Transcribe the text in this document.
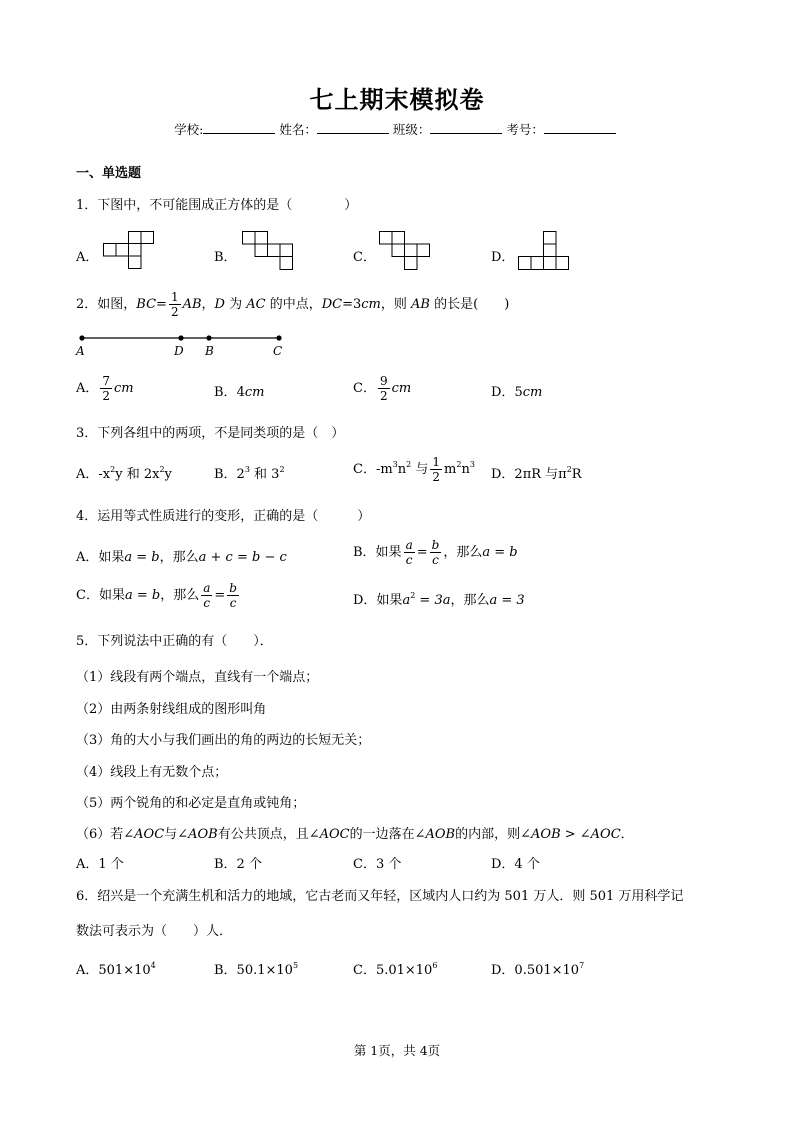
七上期末模拟卷
学校:	姓名：	班级：	考号：
一、单选题
1．下图中，不可能围成正方体的是（　　　　）
A．	B．	C．	D．
2．如图，$BC= \frac{1}{2}$ AB，D 为 AC 的中点，DC=3cm，则 AB 的长是(　　)
A	D B	C
A． $\frac{7}{2}$ cm	B．4cm	C． $\frac{9}{2}$ cm	D．5cm
3．下列各组中的两项，不是同类项的是（　）
A．$-x^2y$ 和 $2x^2y$	B．$2^3$ 和 $3^2$	C．$-m^3n^2$ 与 $\frac{1}{2} m^2n^3$
D．2πR 与$\pi^2R$
4．运用等式性质进行的变形，正确的是（　　　）
A．如果a = b，那么a + c = b − c	B．如果 $\frac{a}{c} = \frac{b}{c}$ ，那么a = b
C．如果a = b，那么 $\frac{a}{c} = \frac{b}{c}$	D．如果$a^2 = 3a$，那么a = 3
5．下列说法中正确的有（　　）．
（1）线段有两个端点，直线有一个端点；
（2）由两条射线组成的图形叫角
（3）角的大小与我们画出的角的两边的长短无关；
（4）线段上有无数个点；
（5）两个锐角的和必定是直角或钝角；
（6）若∠AOC与∠AOB有公共顶点，且∠AOC的一边落在∠AOB的内部，则∠AOB > ∠AOC．
A．1 个	B．2 个	C．3 个	D．4 个
6．绍兴是一个充满生机和活力的地域，它古老而又年轻，区域内人口约为 501 万人．则 501 万用科学记
数法可表示为（　　）人．
A．$501\times 10^4$	B．$50.1\times 10^5$	C．$5.01\times 10^6$	D．$0.501\times 10^7$
第 1页，共 4页
